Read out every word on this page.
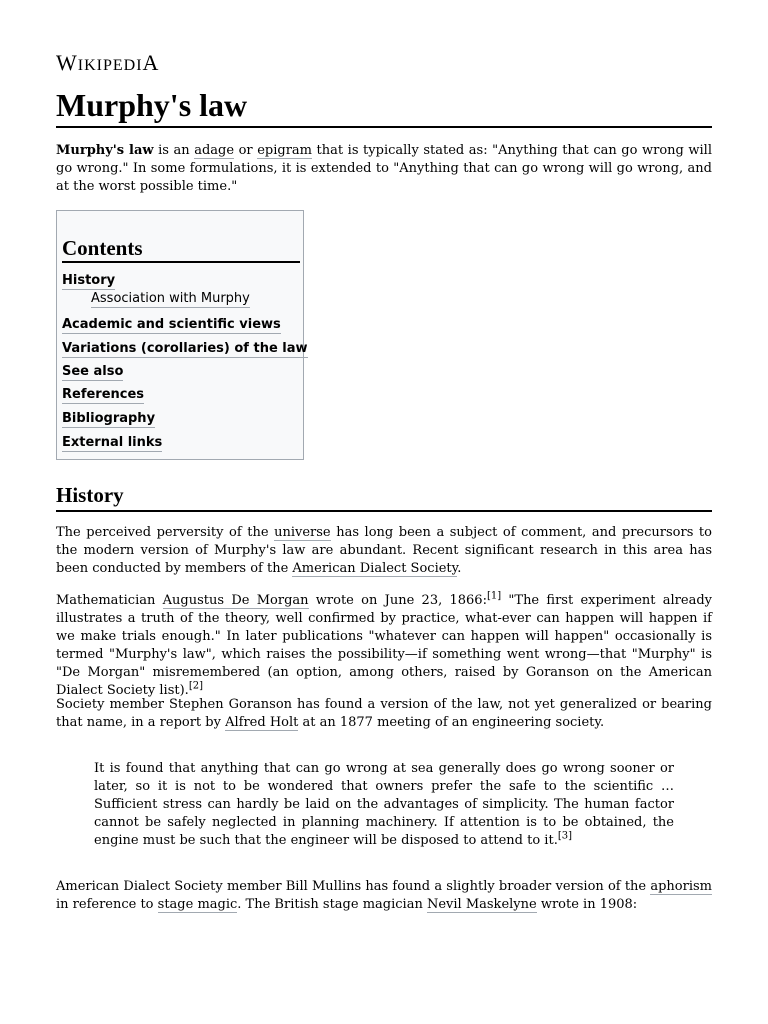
WIKIPEDIA
Murphy's law

Murphy's law is an adage or epigram that is typically stated as: "Anything that can go wrong will go wrong." In some formulations, it is extended to "Anything that can go wrong will go wrong, and at the worst possible time."

Contents
History
Association with Murphy
Academic and scientific views
Variations (corollaries) of the law
See also
References
Bibliography
External links
History

The perceived perversity of the universe has long been a subject of comment, and precursors to the modern version of Murphy's law are abundant. Recent significant research in this area has been conducted by members of the American Dialect Society.

Mathematician Augustus De Morgan wrote on June 23, 1866:[1] "The first experiment already illustrates a truth of the theory, well confirmed by practice, what-ever can happen will happen if we make trials enough." In later publications "whatever can happen will happen" occasionally is termed "Murphy's law", which raises the possibility—if something went wrong—that "Murphy" is "De Morgan" misremembered (an option, among others, raised by Goranson on the American Dialect Society list).[2]

Society member Stephen Goranson has found a version of the law, not yet generalized or bearing that name, in a report by Alfred Holt at an 1877 meeting of an engineering society.

It is found that anything that can go wrong at sea generally does go wrong sooner or later, so it is not to be wondered that owners prefer the safe to the scientific … Sufficient stress can hardly be laid on the advantages of simplicity. The human factor cannot be safely neglected in planning machinery. If attention is to be obtained, the engine must be such that the engineer will be disposed to attend to it.[3]

American Dialect Society member Bill Mullins has found a slightly broader version of the aphorism in reference to stage magic. The British stage magician Nevil Maskelyne wrote in 1908:
